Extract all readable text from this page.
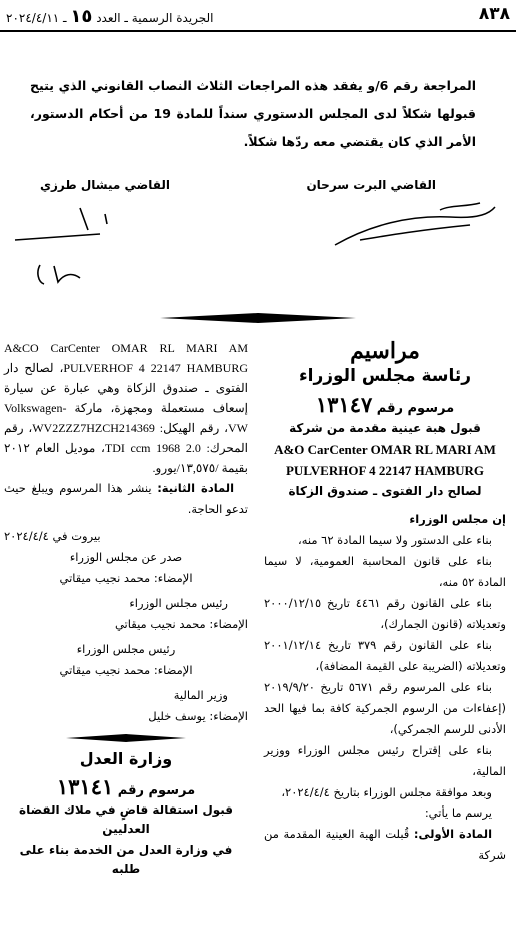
٨٣٨
الجريدة الرسمية ـ العدد ١٥ ـ ٢٠٢٤/٤/١١
المراجعة رقم 6/و يفقد هذه المراجعات الثلاث النصاب القانوني الذي يتيح قبولها شكلاً لدى المجلس الدستوري سنداً للمادة 19 من أحكام الدستور، الأمر الذي كان يقتضي معه ردّها شكلاً.
القاضي البرت سرحان
القاضي ميشال طرزي
مراسيم
رئاسة مجلس الوزراء
مرسوم رقم ١٣١٤٧
قبول هبة عينية مقدمة من شركة
A&O CarCenter OMAR RL MARI AM
PULVERHOF 4 22147 HAMBURG
لصالح دار الفتوى ـ صندوق الزكاة

إن مجلس الوزراء

بناء على الدستور ولا سيما المادة ٦٢ منه،

بناء على قانون المحاسبة العمومية، لا سيما المادة ٥٢ منه،

بناء على القانون رقم ٤٤٦١ تاريخ ٢٠٠٠/١٢/١٥ وتعديلاته (قانون الجمارك)،

بناء على القانون رقم ٣٧٩ تاريخ ٢٠٠١/١٢/١٤ وتعديلاته (الضريبة على القيمة المضافة)،

بناء على المرسوم رقم ٥٦٧١ تاريخ ٢٠١٩/٩/٢٠ (إعفاءات من الرسوم الجمركية كافة بما فيها الحد الأدنى للرسم الجمركي)،

بناء على إقتراح رئيس مجلس الوزراء ووزير المالية،

وبعد موافقة مجلس الوزراء بتاريخ ٢٠٢٤/٤/٤،

يرسم ما يأتي:

المادة الأولى: قُبلت الهبة العينية المقدمة من شركة

A&CO CarCenter OMAR RL MARI AM PULVERHOF 4 22147 HAMBURG، لصالح دار الفتوى ـ صندوق الزكاة وهي عبارة عن سيارة إسعاف مستعملة ومجهزة، ماركة Volkswagen-VW، رقم الهيكل: WV2ZZZ7HZCH214369، رقم المحرك: 2.0 TDI ccm 1968، موديل العام ٢٠١٢ بقيمة /١٣,٥٧٥/يورو.

المادة الثانية: ينشر هذا المرسوم ويبلغ حيث تدعو الحاجة.

بيروت في ٢٠٢٤/٤/٤

صدر عن مجلس الوزراء

الإمضاء: محمد نجيب ميقاتي

رئيس مجلس الوزراء

الإمضاء: محمد نجيب ميقاتي

رئيس مجلس الوزراء

الإمضاء: محمد نجيب ميقاتي

وزير المالية

الإمضاء: يوسف خليل

وزارة العدل
مرسوم رقم ١٣١٤١
قبول استقالة قاضٍ في ملاك القضاة العدليين
في وزارة العدل من الخدمة بناء على طلبه
